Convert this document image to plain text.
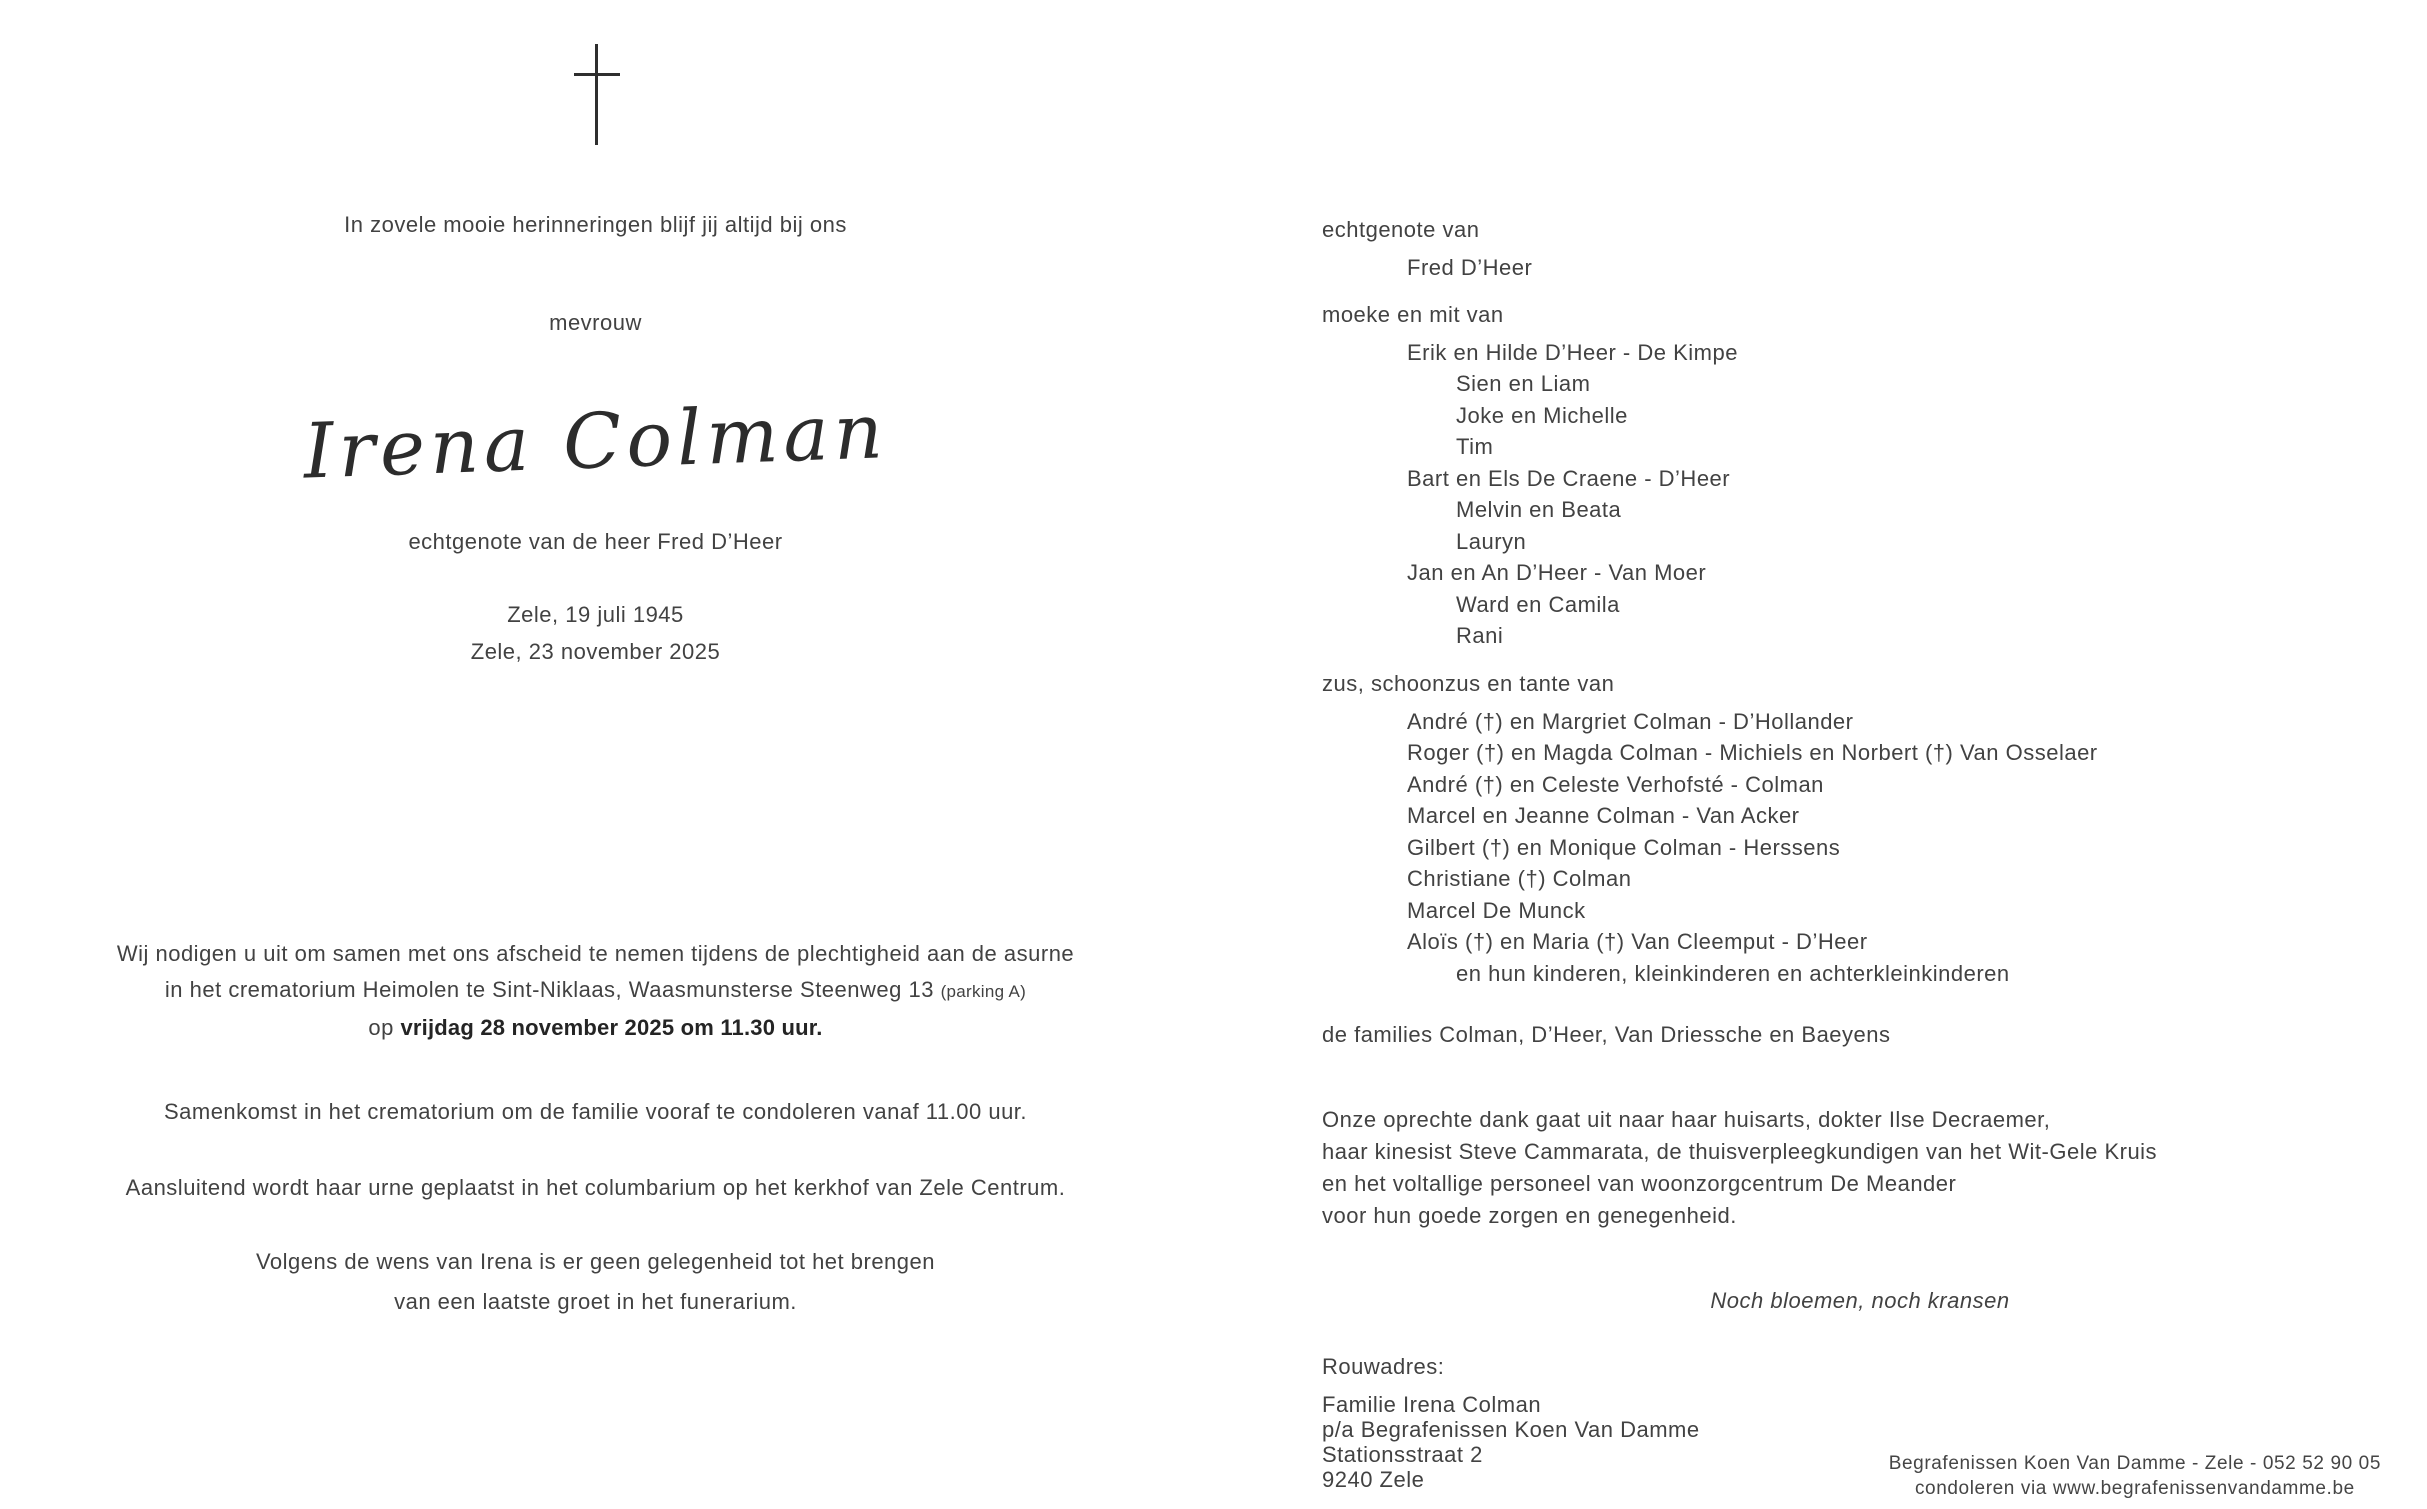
In zovele mooie herinneringen blijf jij altijd bij ons
mevrouw
Irena Colman
echtgenote van de heer Fred D’Heer
Zele, 19 juli 1945
Zele, 23 november 2025
Wij nodigen u uit om samen met ons afscheid te nemen tijdens de plechtigheid aan de asurne
in het crematorium Heimolen te Sint-Niklaas, Waasmunsterse Steenweg 13 (parking A)
op vrijdag 28 november 2025 om 11.30 uur.
Samenkomst in het crematorium om de familie vooraf te condoleren vanaf 11.00 uur.
Aansluitend wordt haar urne geplaatst in het columbarium op het kerkhof van Zele Centrum.
Volgens de wens van Irena is er geen gelegenheid tot het brengen
van een laatste groet in het funerarium.
echtgenote van
Fred D’Heer
moeke en mit van
Erik en Hilde D’Heer - De Kimpe
Sien en Liam
Joke en Michelle
Tim
Bart en Els De Craene - D’Heer
Melvin en Beata
Lauryn
Jan en An D’Heer - Van Moer
Ward en Camila
Rani
zus, schoonzus en tante van
André (†) en Margriet Colman - D’Hollander
Roger (†) en Magda Colman - Michiels en Norbert (†) Van Osselaer
André (†) en Celeste Verhofsté - Colman
Marcel en Jeanne Colman - Van Acker
Gilbert (†) en Monique Colman - Herssens
Christiane (†) Colman
Marcel De Munck
Aloïs (†) en Maria (†) Van Cleemput - D’Heer
en hun kinderen, kleinkinderen en achterkleinkinderen
de families Colman, D’Heer, Van Driessche en Baeyens
Onze oprechte dank gaat uit naar haar huisarts, dokter Ilse Decraemer,
haar kinesist Steve Cammarata, de thuisverpleegkundigen van het Wit-Gele Kruis
en het voltallige personeel van woonzorgcentrum De Meander
voor hun goede zorgen en genegenheid.
Noch bloemen, noch kransen
Rouwadres:
Familie Irena Colman
p/a Begrafenissen Koen Van Damme
Stationsstraat 2
9240 Zele
Begrafenissen Koen Van Damme - Zele - 052 52 90 05
condoleren via www.begrafenissenvandamme.be
